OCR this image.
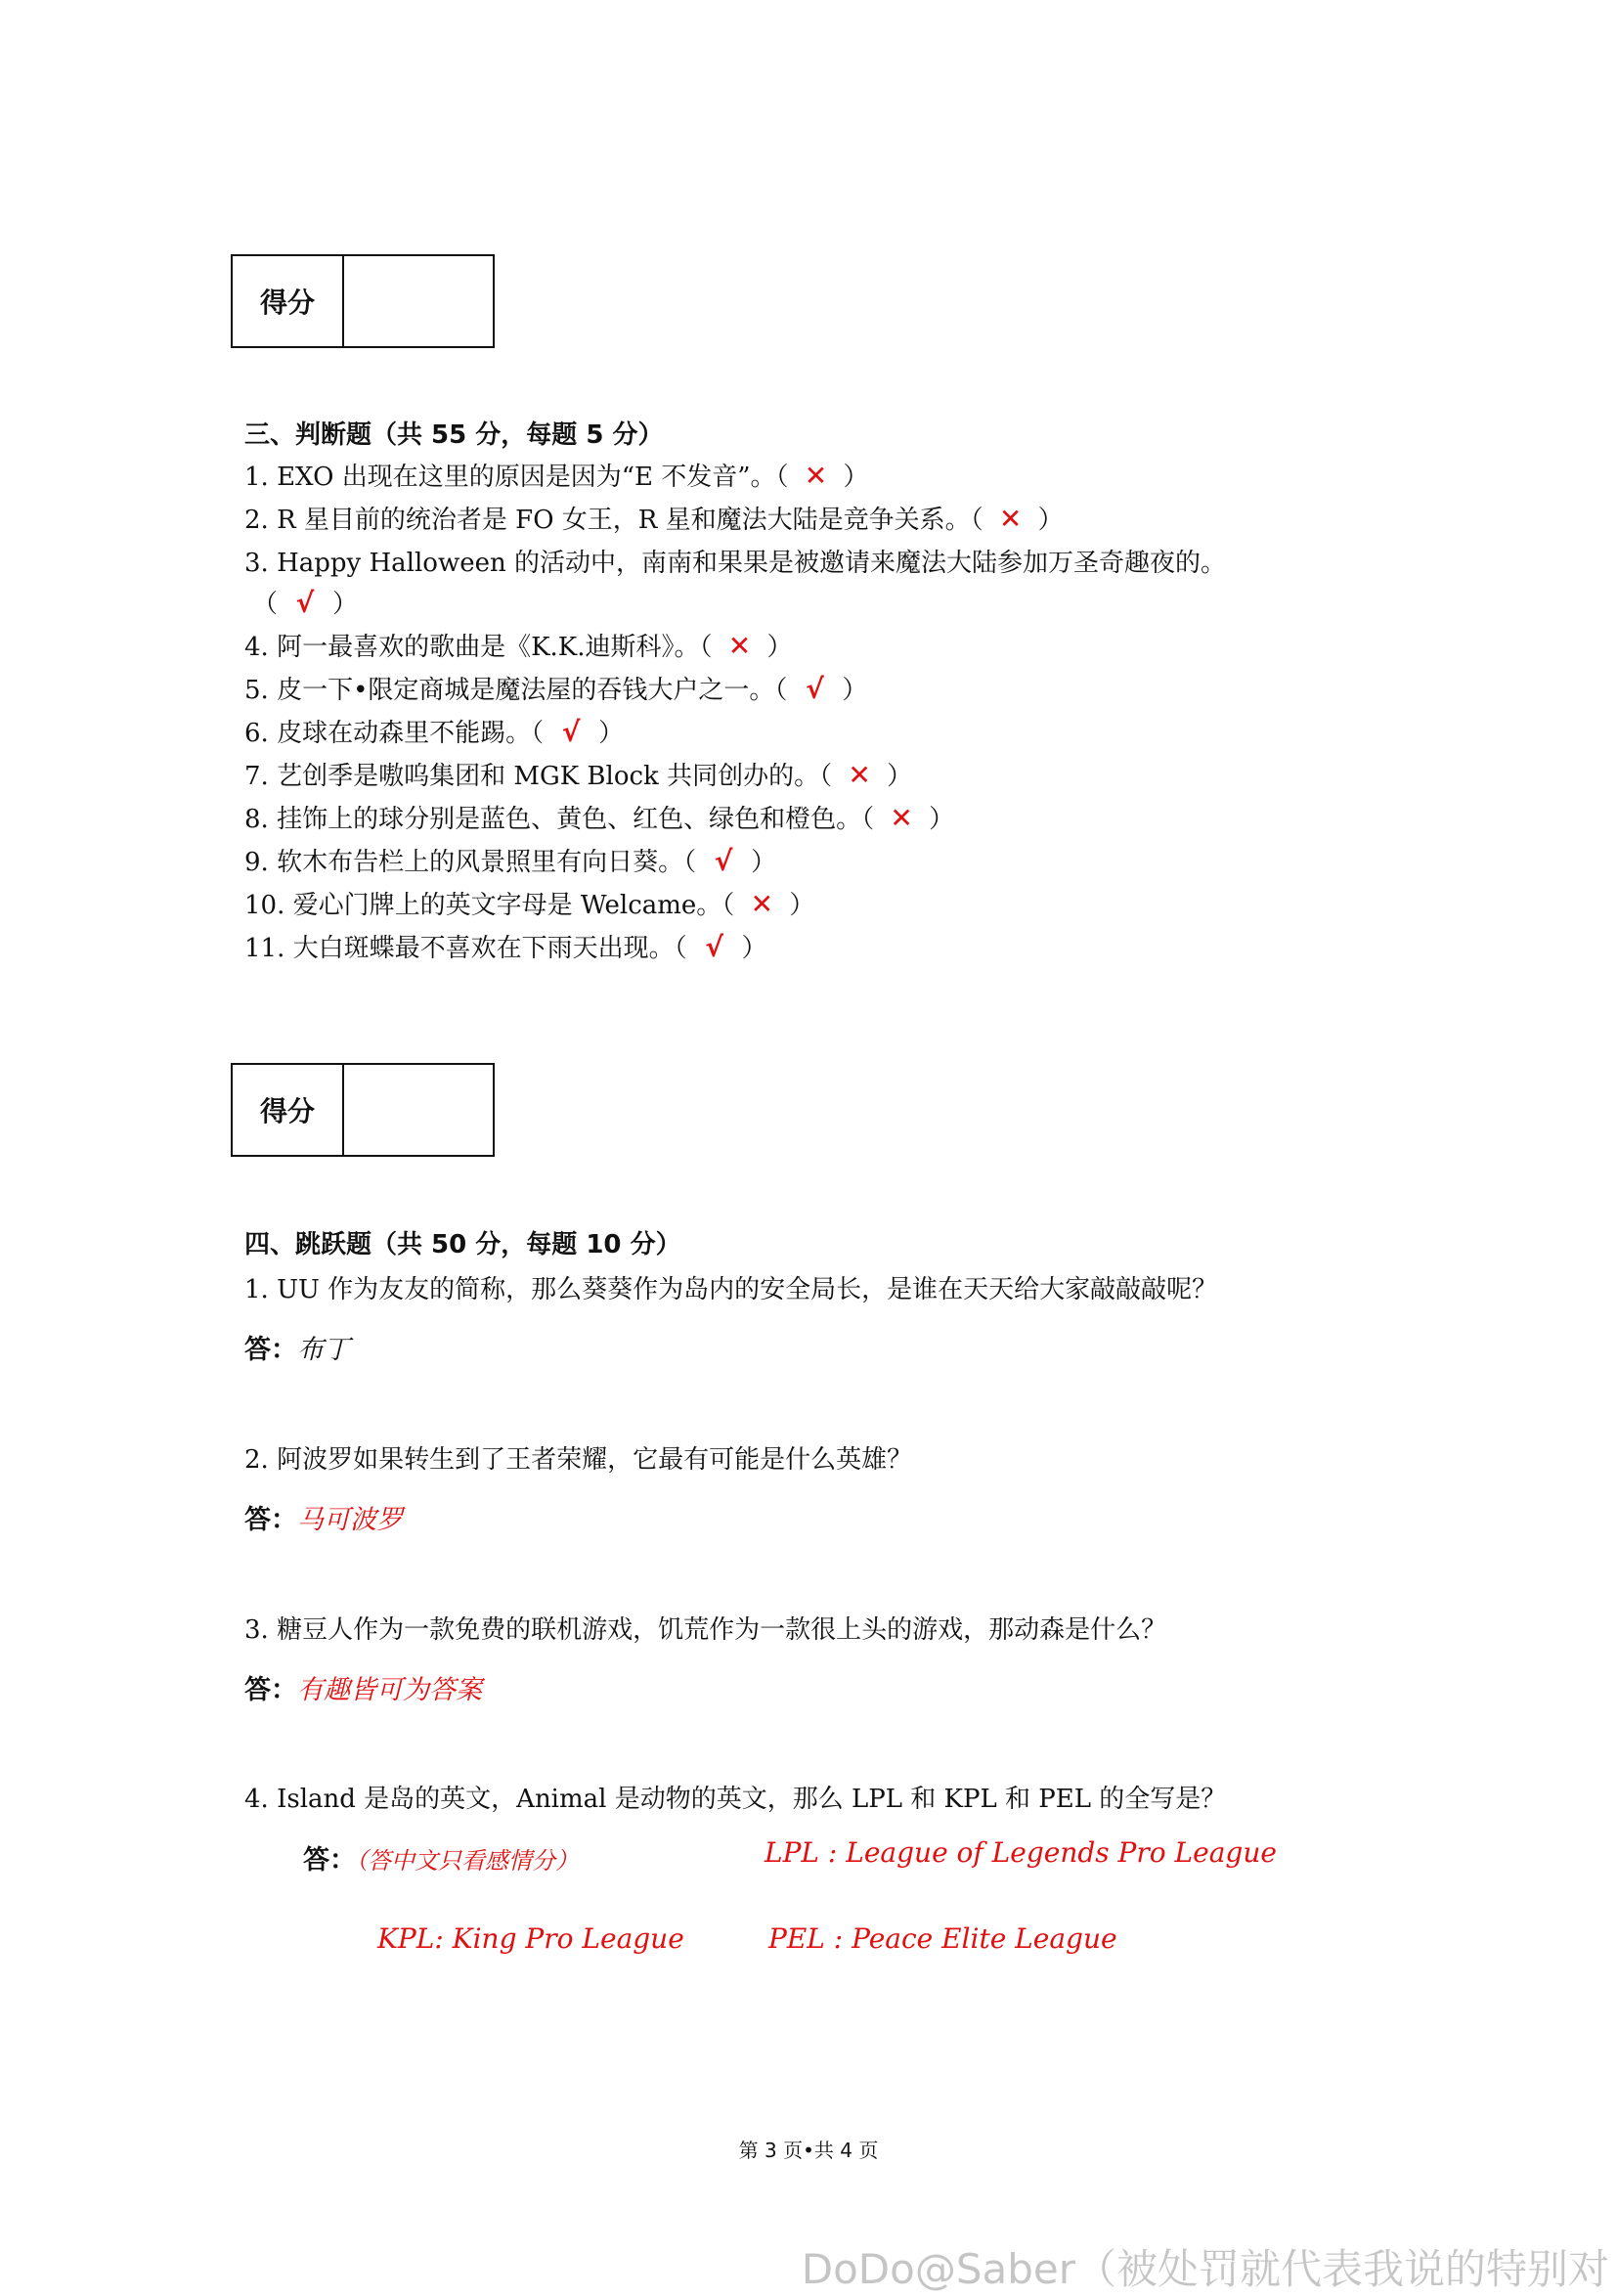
得分
三、判断题（共 55 分，每题 5 分）
1. EXO 出现在这里的原因是因为“E 不发音”。（ ✕ ）
2. R 星目前的统治者是 FO 女王，R 星和魔法大陆是竞争关系。（ ✕ ）
3. Happy Halloween 的活动中，南南和果果是被邀请来魔法大陆参加万圣奇趣夜的。
（ √ ）
4. 阿一最喜欢的歌曲是《K.K.迪斯科》。（ ✕ ）
5. 皮一下•限定商城是魔法屋的吞钱大户之一。（ √ ）
6. 皮球在动森里不能踢。（ √ ）
7. 艺创季是嗷呜集团和 MGK Block 共同创办的。（ ✕ ）
8. 挂饰上的球分别是蓝色、黄色、红色、绿色和橙色。（ ✕ ）
9. 软木布告栏上的风景照里有向日葵。（ √ ）
10. 爱心门牌上的英文字母是 Welcame。（ ✕ ）
11. 大白斑蝶最不喜欢在下雨天出现。（ √ ）
得分
四、跳跃题（共 50 分，每题 10 分）
1. UU 作为友友的简称，那么葵葵作为岛内的安全局长，是谁在天天给大家敲敲敲呢？
答：布丁
2. 阿波罗如果转生到了王者荣耀，它最有可能是什么英雄？
答：马可波罗
3. 糖豆人作为一款免费的联机游戏，饥荒作为一款很上头的游戏，那动森是什么？
答：有趣皆可为答案
4. Island 是岛的英文，Animal 是动物的英文，那么 LPL 和 KPL 和 PEL 的全写是？
答：（答中文只看感情分）	LPL : League of Legends Pro League
KPL: King Pro League	PEL : Peace Elite League
第 3 页•共 4 页
DoDo@Saber（被处罚就代表我说的特别对
